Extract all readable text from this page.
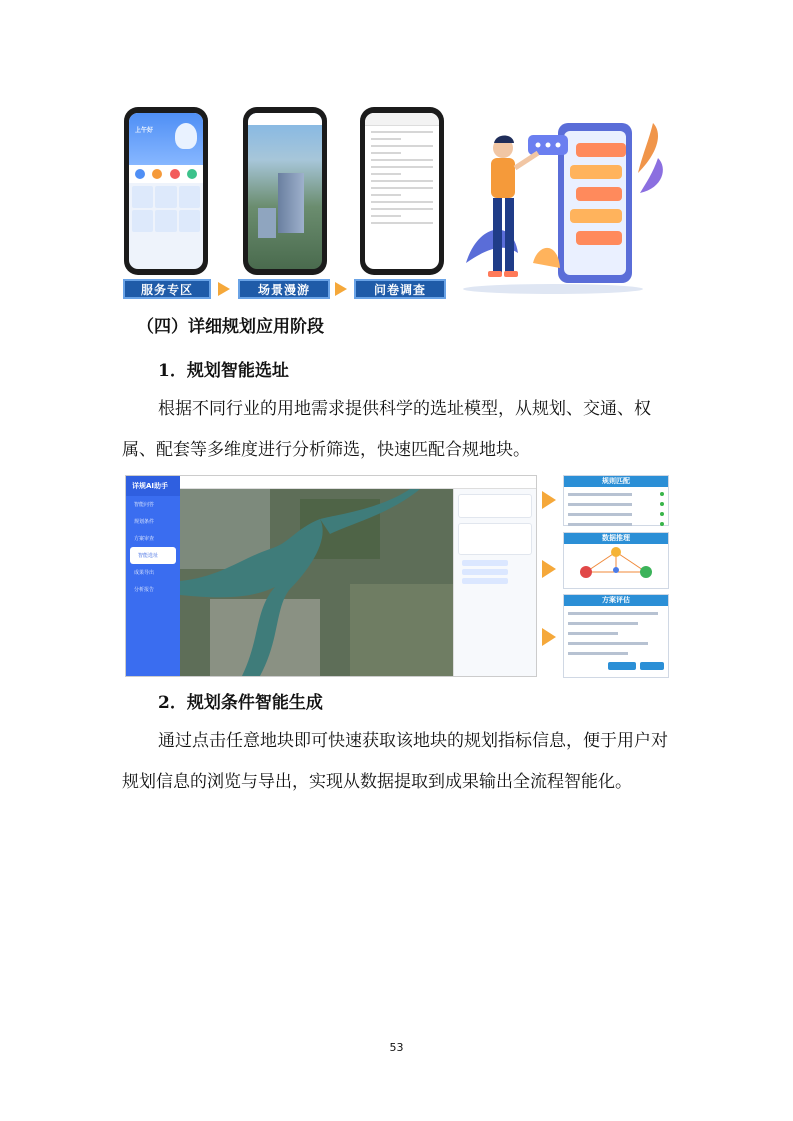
上午好
服务专区	场景漫游	问卷调查
（四）详细规划应用阶段
1．规划智能选址
根据不同行业的用地需求提供科学的选址模型，从规划、交通、权属、配套等多维度进行分析筛选，快速匹配合规地块。
详规AI助手
智能问答
规划条件
方案审查
智能选址
成果导出
分析报告
规则匹配
数据推理
方案评估
2．规划条件智能生成
通过点击任意地块即可快速获取该地块的规划指标信息，便于用户对规划信息的浏览与导出，实现从数据提取到成果输出全流程智能化。
53
